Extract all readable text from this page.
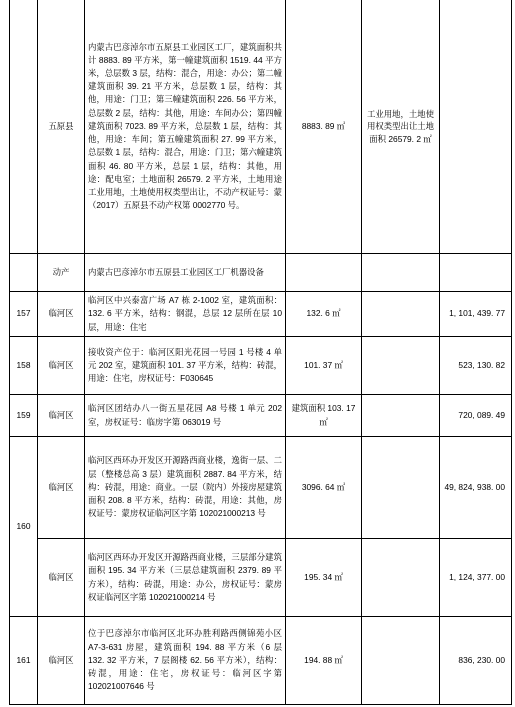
	五原县	内蒙古巴彦淖尔市五原县工业园区工厂，建筑面积共计 8883. 89 平方米，第一幢建筑面积 1519. 44 平方米，总层数 3 层，结构：混合，用途：办公；第二幢建筑面积 39. 21 平方米，总层数 1 层，结构：其他，用途：门卫；第三幢建筑面积 226. 56 平方米，总层数 2 层，结构：其他，用途：车间办公；第四幢建筑面积 7023. 89 平方米，总层数 1 层，结构：其他，用途：车间；第五幢建筑面积 27. 99 平方米，总层数 1 层，结构：混合，用途：门卫；第六幢建筑面积 46. 80 平方米，总层 1 层，结构：其他，用途：配电室；土地面积 26579. 2 平方米，土地用途工业用地，土地使用权类型出让，不动产权证号：蒙（2017）五原县不动产权第 0002770 号。	8883. 89 ㎡	工业用地，土地使用权类型出让土地面积 26579. 2 ㎡	
	动产	内蒙古巴彦淖尔市五原县工业园区工厂机器设备			
157	临河区	临河区中兴泰富广场 A7 栋 2-1002 室，建筑面积：132. 6 平方米，结构：钢混，总层 12 层所在层 10 层，用途：住宅	132. 6 ㎡		1, 101, 439. 77
158	临河区	接收资产位于：临河区阳光花园一号园 1 号楼 4 单元 202 室，建筑面积 101. 37 平方米，结构：砖混，用途：住宅，房权证号：F030645	101. 37 ㎡		523, 130. 82
159	临河区	临河区团结办八一街五星花园 A8 号楼 1 单元 202 室，房权证号：临房字第 063019 号	建筑面积 103. 17 ㎡		720, 089. 49
160	临河区	临河区西环办开发区开源路西商业楼，逸街一层、二层（整楼总高 3 层）建筑面积 2887. 84 平方米，结构：砖混，用途：商业。一层（院内）外接房屋建筑面积 208. 8 平方米，结构：砖混，用途：其他，房权证号：蒙房权证临河区字第 102021000213 号	3096. 64 ㎡		49, 824, 938. 00
	临河区	临河区西环办开发区开源路西商业楼，三层部分建筑面积 195. 34 平方米（三层总建筑面积 2379. 89 平方米），结构：砖混，用途：办公，房权证号：蒙房权证临河区字第 102021000214 号	195. 34 ㎡		1, 124, 377. 00
161	临河区	位于巴彦淖尔市临河区北环办胜利路西侧锦苑小区 A7-3-631 房屋，建筑面积 194. 88 平方米（6 层 132. 32 平方米，7 层阁楼 62. 56 平方米），结构：砖混，用途：住宅，房权证号：临河区字第 102021007646 号	194. 88 ㎡		836, 230. 00
